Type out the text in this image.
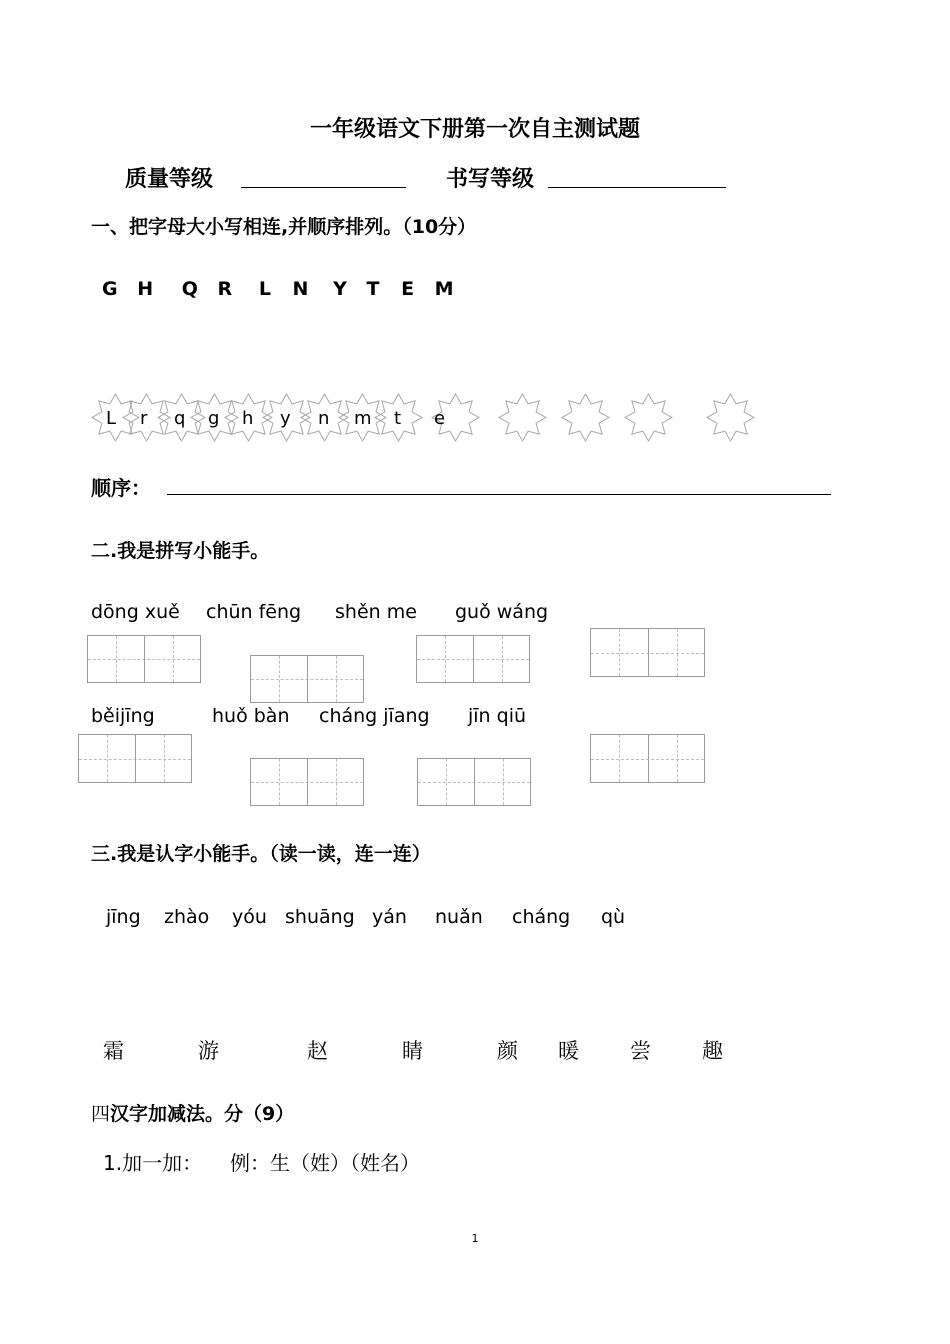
一年级语文下册第一次自主测试题
质量等级	书写等级
一、把字母大小写相连,并顺序排列。（10分）
G H Q R L N Y T E M
L r q g h y n m t e
顺序：
二.我是拼写小能手。
dōng xuě chūn fēng shěn me guǒ wáng
běijīng	huǒ bàn cháng jīang jīn qiū
三.我是认字小能手。（读一读，连一连）
jīng zhào yóu shuāng yán nuǎn cháng qù
霜	游	赵	睛	颜 暖 尝 趣
四汉字加减法。分（9）
1.加一加： 例：生（姓）（姓名）
1
